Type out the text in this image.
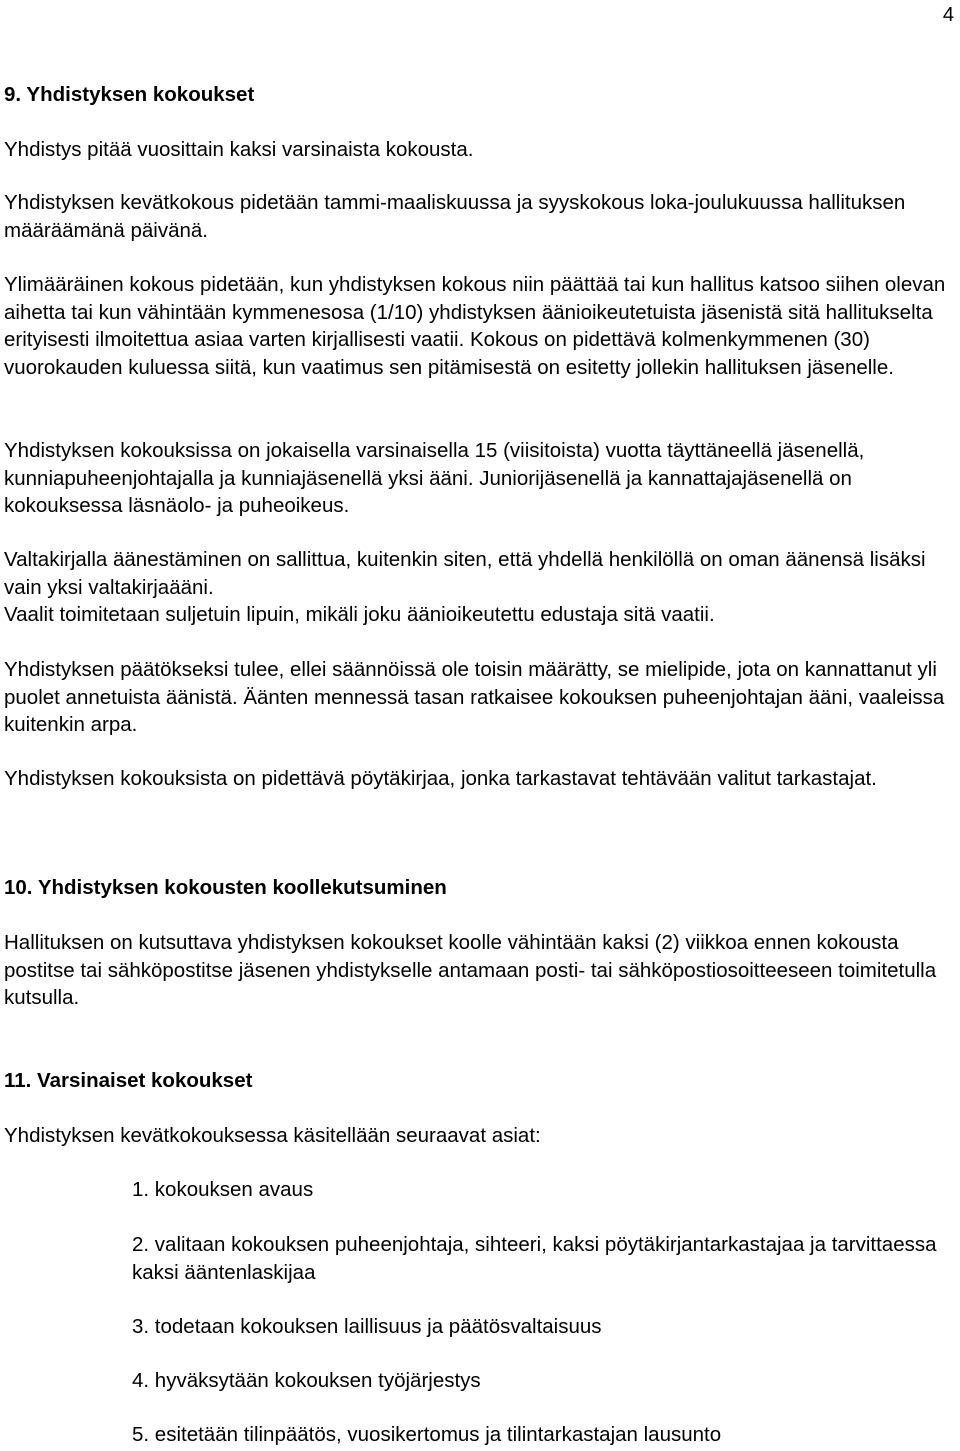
4
9. Yhdistyksen kokoukset
Yhdistys pitää vuosittain kaksi varsinaista kokousta.
Yhdistyksen kevätkokous pidetään tammi-maaliskuussa ja syyskokous loka-joulukuussa hallituksen määräämänä päivänä.
Ylimääräinen kokous pidetään, kun yhdistyksen kokous niin päättää tai kun hallitus katsoo siihen olevan aihetta tai kun vähintään kymmenesosa (1/10) yhdistyksen äänioikeutetuista jäsenistä sitä hallitukselta erityisesti ilmoitettua asiaa varten kirjallisesti vaatii. Kokous on pidettävä kolmenkymmenen (30) vuorokauden kuluessa siitä, kun vaatimus sen pitämisestä on esitetty jollekin hallituksen jäsenelle.
Yhdistyksen kokouksissa on jokaisella varsinaisella 15 (viisitoista) vuotta täyttäneellä jäsenellä, kunniapuheenjohtajalla ja kunniajäsenellä yksi ääni. Juniorijäsenellä ja kannattajajäsenellä on kokouksessa läsnäolo- ja puheoikeus.
Valtakirjalla äänestäminen on sallittua, kuitenkin siten, että yhdellä henkilöllä on oman äänensä lisäksi vain yksi valtakirjaääni.
Vaalit toimitetaan suljetuin lipuin, mikäli joku äänioikeutettu edustaja sitä vaatii.
Yhdistyksen päätökseksi tulee, ellei säännöissä ole toisin määrätty, se mielipide, jota on kannattanut yli puolet annetuista äänistä. Äänten mennessä tasan ratkaisee kokouksen puheenjohtajan ääni, vaaleissa kuitenkin arpa.
Yhdistyksen kokouksista on pidettävä pöytäkirjaa, jonka tarkastavat tehtävään valitut tarkastajat.
10. Yhdistyksen kokousten koollekutsuminen
Hallituksen on kutsuttava yhdistyksen kokoukset koolle vähintään kaksi (2) viikkoa ennen kokousta postitse tai sähköpostitse jäsenen yhdistykselle antamaan posti- tai sähköpostiosoitteeseen toimitetulla kutsulla.
11. Varsinaiset kokoukset
Yhdistyksen kevätkokouksessa käsitellään seuraavat asiat:
1. kokouksen avaus
2. valitaan kokouksen puheenjohtaja, sihteeri, kaksi pöytäkirjantarkastajaa ja tarvittaessa kaksi ääntenlaskijaa
3. todetaan kokouksen laillisuus ja päätösvaltaisuus
4. hyväksytään kokouksen työjärjestys
5. esitetään tilinpäätös, vuosikertomus ja tilintarkastajan lausunto
